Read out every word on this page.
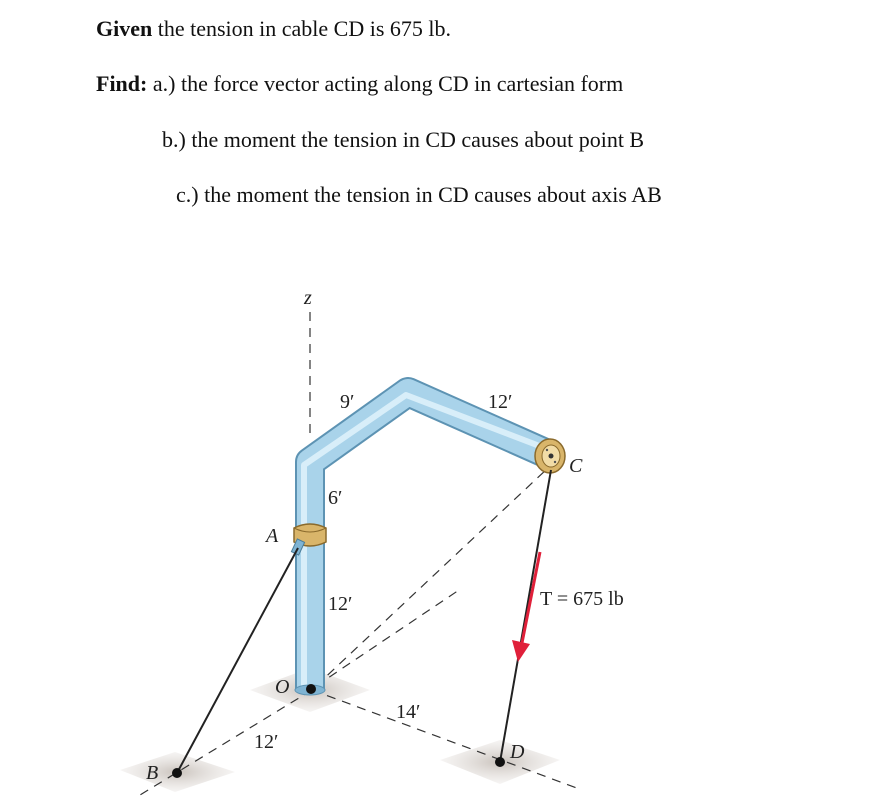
Given the tension in cable CD is 675 lb.
Find: a.) the force vector acting along CD in cartesian form
b.) the moment the tension in CD causes about point B
c.) the moment the tension in CD causes about axis AB
z
9′	12′
6′
12′
14′
12′
A
B
C
D
O
T = 675 lb
